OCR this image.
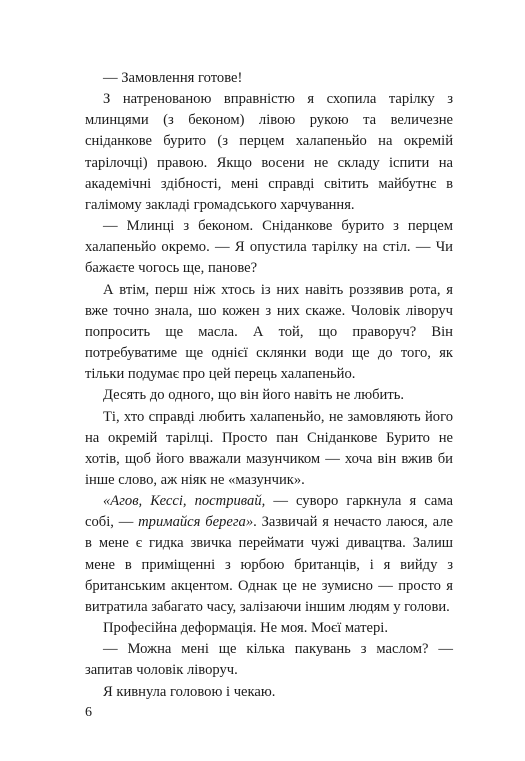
— Замовлення готове!

З натренованою вправністю я схопила тарілку з млинцями (з беконом) лівою рукою та величезне сніданкове бурито (з перцем халапеньйо на окремій тарілочці) правою. Якщо восени не складу іспити на академічні здібності, мені справді світить майбутнє в галімому закладі громадського харчування.

— Млинці з беконом. Сніданкове бурито з перцем халапеньйо окремо. — Я опустила тарілку на стіл. — Чи бажаєте чогось ще, панове?

А втім, перш ніж хтось із них навіть роззявив рота, я вже точно знала, шо кожен з них скаже. Чоловік ліворуч попросить ще масла. А той, що праворуч? Він потребуватиме ще однієї склянки води ще до того, як тільки подумає про цей перець халапеньйо.

Десять до одного, що він його навіть не любить.

Ті, хто справді любить халапеньйо, не замовляють його на окремій тарілці. Просто пан Сніданкове Бурито не хотів, щоб його вважали мазунчиком — хоча він вжив би інше слово, аж ніяк не «мазунчик».

«Агов, Кессі, постривай, — суворо гаркнула я сама собі, — тримайся берега». Зазвичай я нечасто лаюся, але в мене є гидка звичка переймати чужі дивацтва. Залиш мене в приміщенні з юрбою британців, і я вийду з британським акцентом. Однак це не зумисно — просто я витратила забагато часу, залізаючи іншим людям у голови.

Професійна деформація. Не моя. Моєї матері.

— Можна мені ще кілька пакувань з маслом? — запитав чоловік ліворуч.

Я кивнула головою і чекаю.

6
